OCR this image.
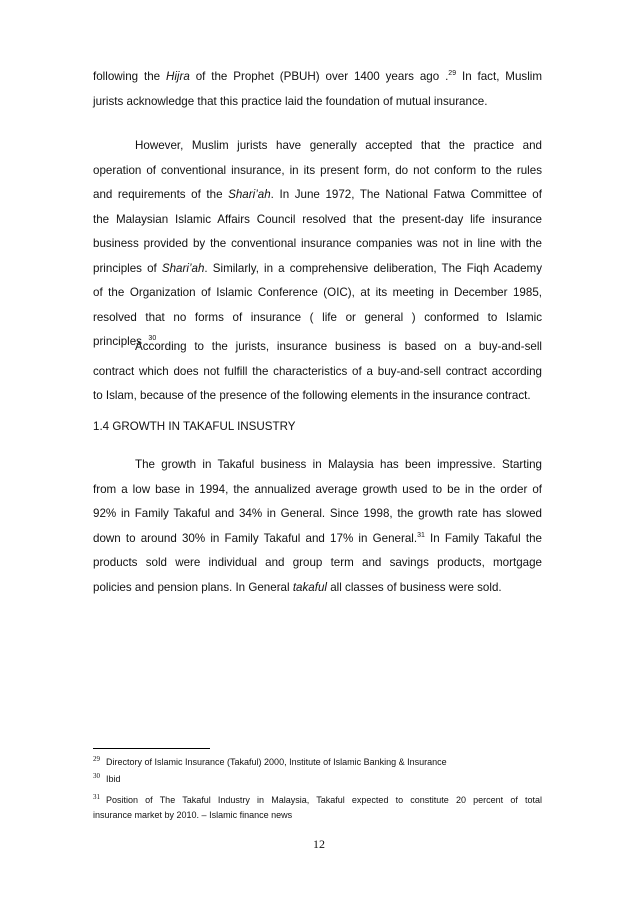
following the Hijra of the Prophet (PBUH) over 1400 years ago .$^{29}$ In fact, Muslim
jurists acknowledge that this practice laid the foundation of mutual insurance.
However, Muslim jurists have generally accepted that the practice and
operation of conventional insurance, in its present form, do not conform to the rules
and requirements of the Shari’ah. In June 1972, The National Fatwa Committee of
the Malaysian Islamic Affairs Council resolved that the present-day life insurance
business provided by the conventional insurance companies was not in line with the
principles of Shari’ah. Similarly, in a comprehensive deliberation, The Fiqh Academy
of the Organization of Islamic Conference (OIC), at its meeting in December 1985,
resolved that no forms of insurance ( life or general ) conformed to Islamic
principles .$^{30}$
According to the jurists, insurance business is based on a buy-and-sell
contract which does not fulfill the characteristics of a buy-and-sell contract according
to Islam, because of the presence of the following elements in the insurance contract.
1.4 GROWTH IN TAKAFUL INSUSTRY
The growth in Takaful business in Malaysia has been impressive. Starting
from a low base in 1994, the annualized average growth used to be in the order of
92% in Family Takaful and 34% in General. Since 1998, the growth rate has slowed
down to around 30% in Family Takaful and 17% in General.$^{31}$ In Family Takaful the
products sold were individual and group term and savings products, mortgage
policies and pension plans. In General takaful all classes of business were sold.
$^{29}$ Directory of Islamic Insurance (Takaful) 2000, Institute of Islamic Banking & Insurance
$^{30}$ Ibid
$^{31}$ Position of The Takaful Industry in Malaysia, Takaful expected to constitute 20 percent of total
insurance market by 2010. – Islamic finance news
12
